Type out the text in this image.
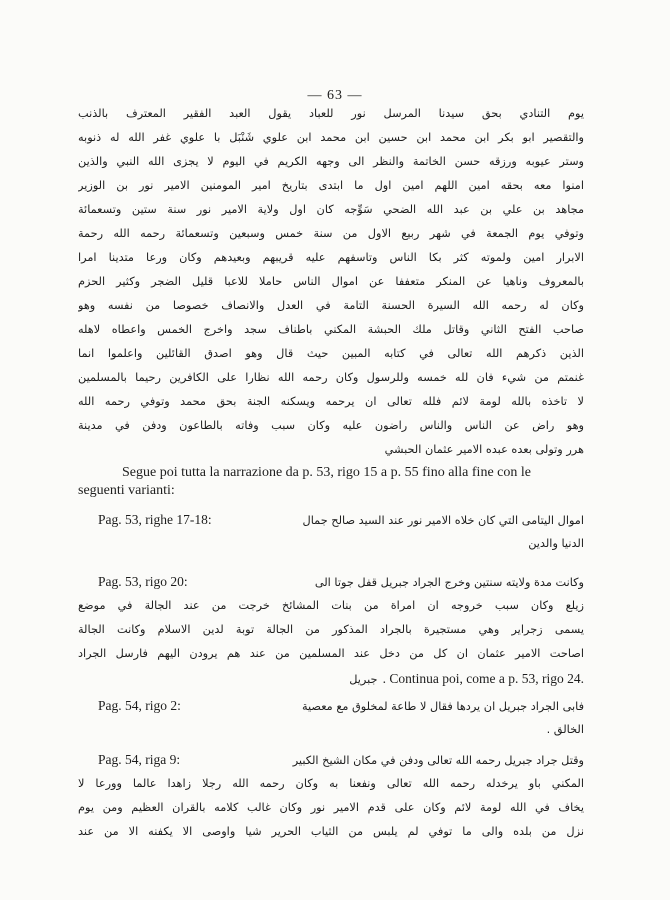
— 63 —
يوم التنادي بحق سيدنا المرسل نور للعباد يقول العبد الفقير المعترف بالذنب
والتقصير ابو بكر ابن محمد ابن حسين ابن محمد ابن علوي شَنْبَل با علوي غفر الله له ذنوبه
وستر عيوبه ورزقه حسن الخاتمة والنظر الى وجهه الكريم في اليوم لا يجزى الله النبي والذين
امنوا معه بحقه امين اللهم امين اول ما ابتدى بتاريخ امير المومنين الامير نور بن الوزير
مجاهد بن علي بن عبد الله الضحي سَوِّجه كان اول ولاية الامير نور سنة ستين وتسعمائة
وتوفي يوم الجمعة في شهر ربيع الاول من سنة خمس وسبعين وتسعمائة رحمه الله رحمة
الابرار امين ولموته كثر بكا الناس وتاسفهم عليه قريبهم وبعيدهم وكان ورعا متدينا امرا
بالمعروف وناهيا عن المنكر متعففا عن اموال الناس حاملا للاعبا قليل الضجر وكثير الحزم
وكان له رحمه الله السيرة الحسنة التامة في العدل والانصاف خصوصا من نفسه وهو
صاحب الفتح الثاني وقاتل ملك الحبشة المكني باطناف سجد واخرج الخمس واعطاه لاهله
الذين ذكرهم الله تعالى في كتابه المبين حيث قال وهو اصدق القائلين واعلموا انما
غنمتم من شيء فان لله خمسه وللرسول وكان رحمه الله نظارا على الكافرين رحيما بالمسلمين
لا تاخذه بالله لومة لائم فلله تعالى ان يرحمه ويسكنه الجنة بحق محمد وتوفي رحمه الله
وهو راض عن الناس والناس راضون عليه وكان سبب وفاته بالطاعون ودفن في مدينة
هرر وتولى بعده عبده الامير عثمان الحبشي
Segue poi tutta la narrazione da p. 53, rigo 15 a p. 55 fino alla fine con le
seguenti varianti:
Pag. 53, righe 17-18:	اموال اليتامى التي كان خلاه الامير نور عند السيد صالح جمال
الدنيا والدين
Pag. 53, rigo 20:	وكانت مدة ولايته سنتين وخرج الجراد جبريل قفل جوتا الى
زيلع وكان سبب خروجه ان امراة من بنات المشائخ خرجت من عند الجالة في موضع
يسمى زجراير وهي مستجيرة بالجراد المذكور من الجالة توبة لدين الاسلام وكانت الجالة
اصاحت الامير عثمان ان كل من دخل عند المسلمين من عند هم يرودن اليهم فارسل الجراد
جبريل . Continua poi, come a p. 53, rigo 24.
Pag. 54, rigo 2:	فابى الجراد جبريل ان يردها فقال لا طاعة لمخلوق مع معصية
الخالق .
Pag. 54, riga 9:	وقتل جراد جبريل رحمه الله تعالى ودفن في مكان الشيخ الكبير
المكني باو يرخدله رحمه الله تعالى ونفعنا به وكان رحمه الله رجلا زاهدا عالما وورعا لا
يخاف في الله لومة لائم وكان على قدم الامير نور وكان غالب كلامه بالقران العظيم ومن يوم
نزل من بلده والى ما توفي لم يلبس من الثياب الحرير شيا واوصى الا يكفنه الا من عند
